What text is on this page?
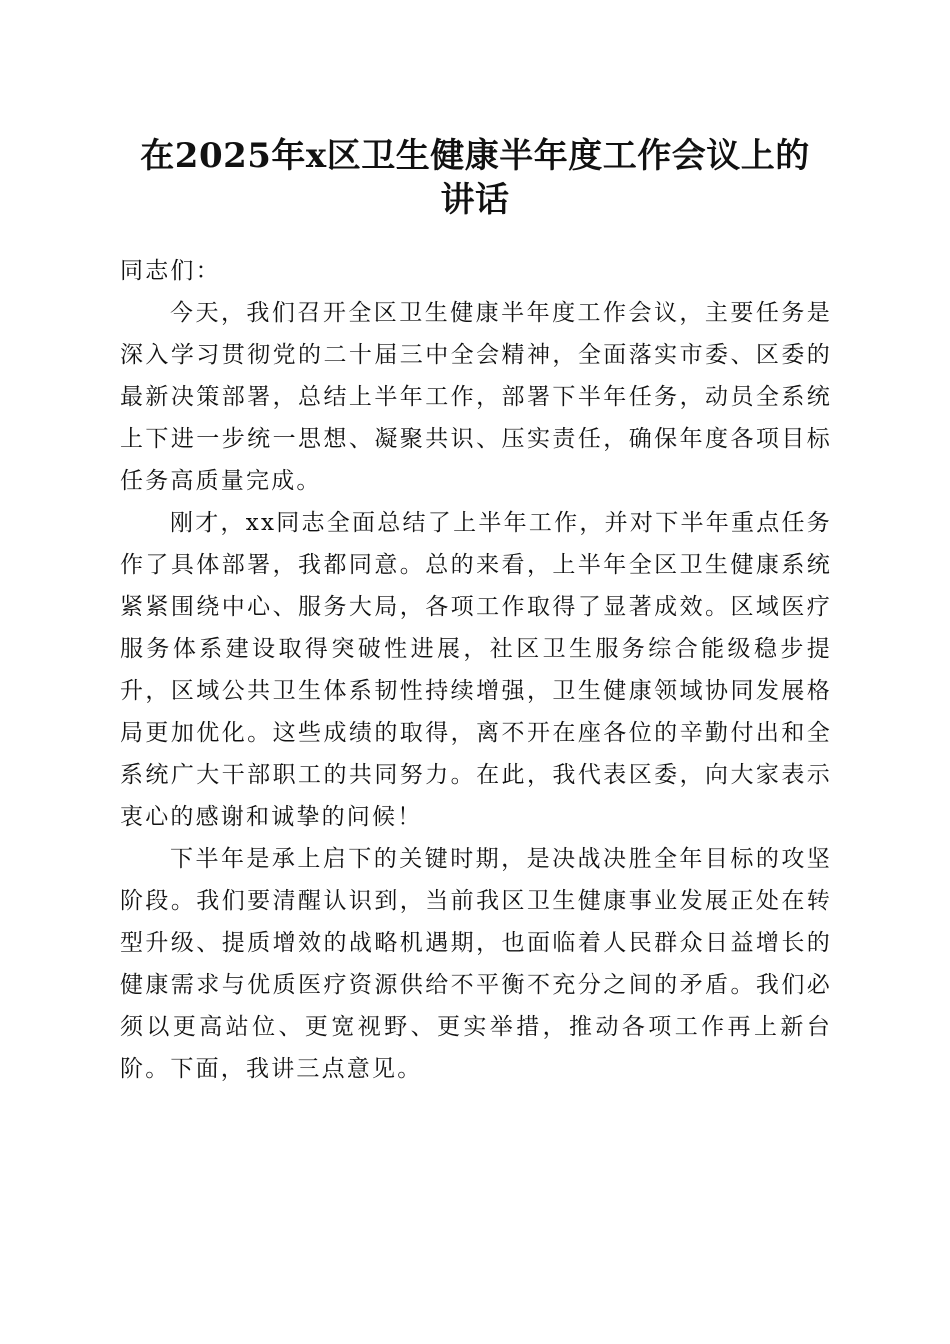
在2025年x区卫生健康半年度工作会议上的
讲话

同志们：

今天，我们召开全区卫生健康半年度工作会议，主要任务是深入学习贯彻党的二十届三中全会精神，全面落实市委、区委的最新决策部署，总结上半年工作，部署下半年任务，动员全系统上下进一步统一思想、凝聚共识、压实责任，确保年度各项目标任务高质量完成。

刚才，xx同志全面总结了上半年工作，并对下半年重点任务作了具体部署，我都同意。总的来看，上半年全区卫生健康系统紧紧围绕中心、服务大局，各项工作取得了显著成效。区域医疗服务体系建设取得突破性进展，社区卫生服务综合能级稳步提升，区域公共卫生体系韧性持续增强，卫生健康领域协同发展格局更加优化。这些成绩的取得，离不开在座各位的辛勤付出和全系统广大干部职工的共同努力。在此，我代表区委，向大家表示衷心的感谢和诚挚的问候！

下半年是承上启下的关键时期，是决战决胜全年目标的攻坚阶段。我们要清醒认识到，当前我区卫生健康事业发展正处在转型升级、提质增效的战略机遇期，也面临着人民群众日益增长的健康需求与优质医疗资源供给不平衡不充分之间的矛盾。我们必须以更高站位、更宽视野、更实举措，推动各项工作再上新台阶。下面，我讲三点意见。
